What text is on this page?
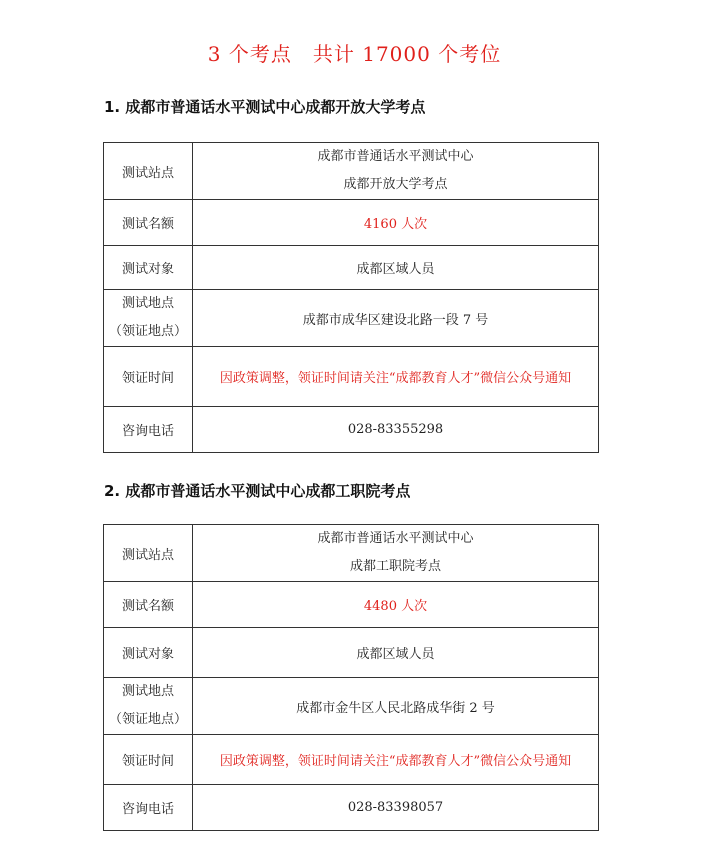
3 个考点　共计 17000 个考位
1. 成都市普通话水平测试中心成都开放大学考点
测试站点	成都市普通话水平测试中心
成都开放大学考点

测试名额	4160 人次
测试对象	成都区域人员

测试地点
（领证地点）	成都市成华区建设北路一段 7 号
领证时间	因政策调整，领证时间请关注“成都教育人才”微信公众号通知
咨询电话	028-83355298
2. 成都市普通话水平测试中心成都工职院考点
测试站点	成都市普通话水平测试中心
成都工职院考点

测试名额	4480 人次
测试对象	成都区域人员

测试地点
（领证地点）	成都市金牛区人民北路成华街 2 号
领证时间	因政策调整，领证时间请关注“成都教育人才”微信公众号通知
咨询电话	028-83398057
